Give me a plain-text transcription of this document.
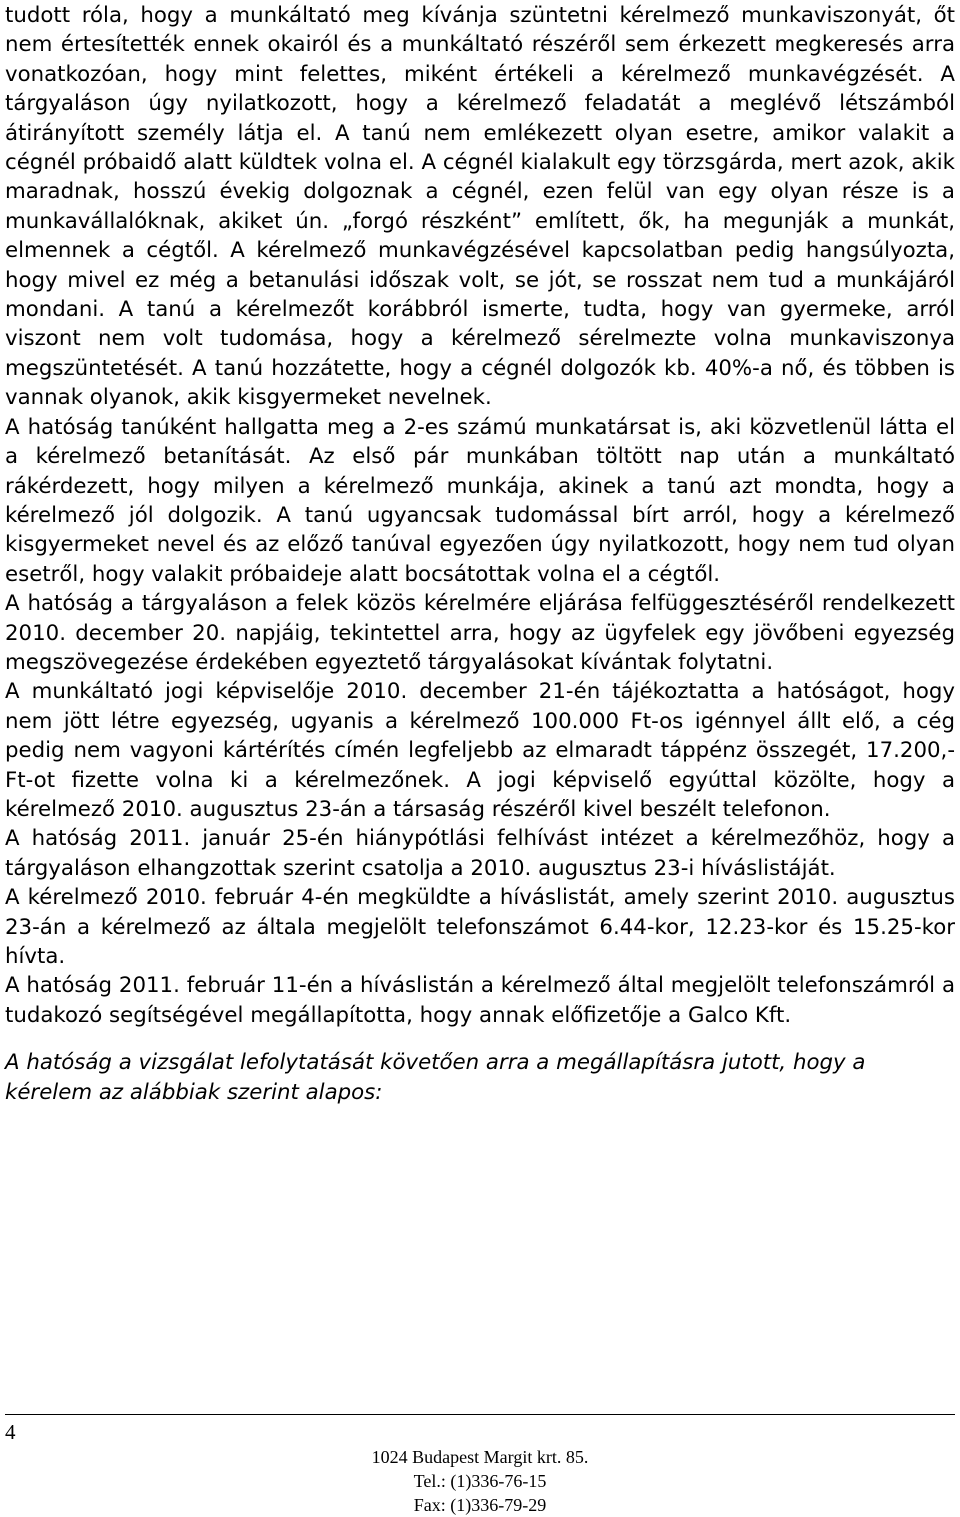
tudott róla, hogy a munkáltató meg kívánja szüntetni kérelmező munkaviszonyát, őt nem értesítették ennek okairól és a munkáltató részéről sem érkezett megkeresés arra vonatkozóan, hogy mint felettes, miként értékeli a kérelmező munkavégzését. A tárgyaláson úgy nyilatkozott, hogy a kérelmező feladatát a meglévő létszámból átirányított személy látja el. A tanú nem emlékezett olyan esetre, amikor valakit a cégnél próbaidő alatt küldtek volna el. A cégnél kialakult egy törzsgárda, mert azok, akik maradnak, hosszú évekig dolgoznak a cégnél, ezen felül van egy olyan része is a munkavállalóknak, akiket ún. „forgó részként” említett, ők, ha megunják a munkát, elmennek a cégtől. A kérelmező munkavégzésével kapcsolatban pedig hangsúlyozta, hogy mivel ez még a betanulási időszak volt, se jót, se rosszat nem tud a munkájáról mondani. A tanú a kérelmezőt korábbról ismerte, tudta, hogy van gyermeke, arról viszont nem volt tudomása, hogy a kérelmező sérelmezte volna munkaviszonya megszüntetését. A tanú hozzátette, hogy a cégnél dolgozók kb. 40%-a nő, és többen is vannak olyanok, akik kisgyermeket nevelnek.

A hatóság tanúként hallgatta meg a 2-es számú munkatársat is, aki közvetlenül látta el a kérelmező betanítását. Az első pár munkában töltött nap után a munkáltató rákérdezett, hogy milyen a kérelmező munkája, akinek a tanú azt mondta, hogy a kérelmező jól dolgozik. A tanú ugyancsak tudomással bírt arról, hogy a kérelmező kisgyermeket nevel és az előző tanúval egyezően úgy nyilatkozott, hogy nem tud olyan esetről, hogy valakit próbaideje alatt bocsátottak volna el a cégtől.

A hatóság a tárgyaláson a felek közös kérelmére eljárása felfüggesztéséről rendelkezett 2010. december 20. napjáig, tekintettel arra, hogy az ügyfelek egy jövőbeni egyezség megszövegezése érdekében egyeztető tárgyalásokat kívántak folytatni.

A munkáltató jogi képviselője 2010. december 21-én tájékoztatta a hatóságot, hogy nem jött létre egyezség, ugyanis a kérelmező 100.000 Ft-os igénnyel állt elő, a cég pedig nem vagyoni kártérítés címén legfeljebb az elmaradt táppénz összegét, 17.200,- Ft-ot fizette volna ki a kérelmezőnek. A jogi képviselő egyúttal közölte, hogy a kérelmező 2010. augusztus 23-án a társaság részéről kivel beszélt telefonon.

A hatóság 2011. január 25-én hiánypótlási felhívást intézet a kérelmezőhöz, hogy a tárgyaláson elhangzottak szerint csatolja a 2010. augusztus 23-i híváslistáját.

A kérelmező 2010. február 4-én megküldte a híváslistát, amely szerint 2010. augusztus 23-án a kérelmező az általa megjelölt telefonszámot 6.44-kor, 12.23-kor és 15.25-kor hívta.

A hatóság 2011. február 11-én a híváslistán a kérelmező által megjelölt telefonszámról a tudakozó segítségével megállapította, hogy annak előfizetője a Galco Kft.

A hatóság a vizsgálat lefolytatását követően arra a megállapításra jutott, hogy a kérelem az alábbiak szerint alapos:

4
1024 Budapest Margit krt. 85.
Tel.: (1)336-76-15
Fax: (1)336-79-29
